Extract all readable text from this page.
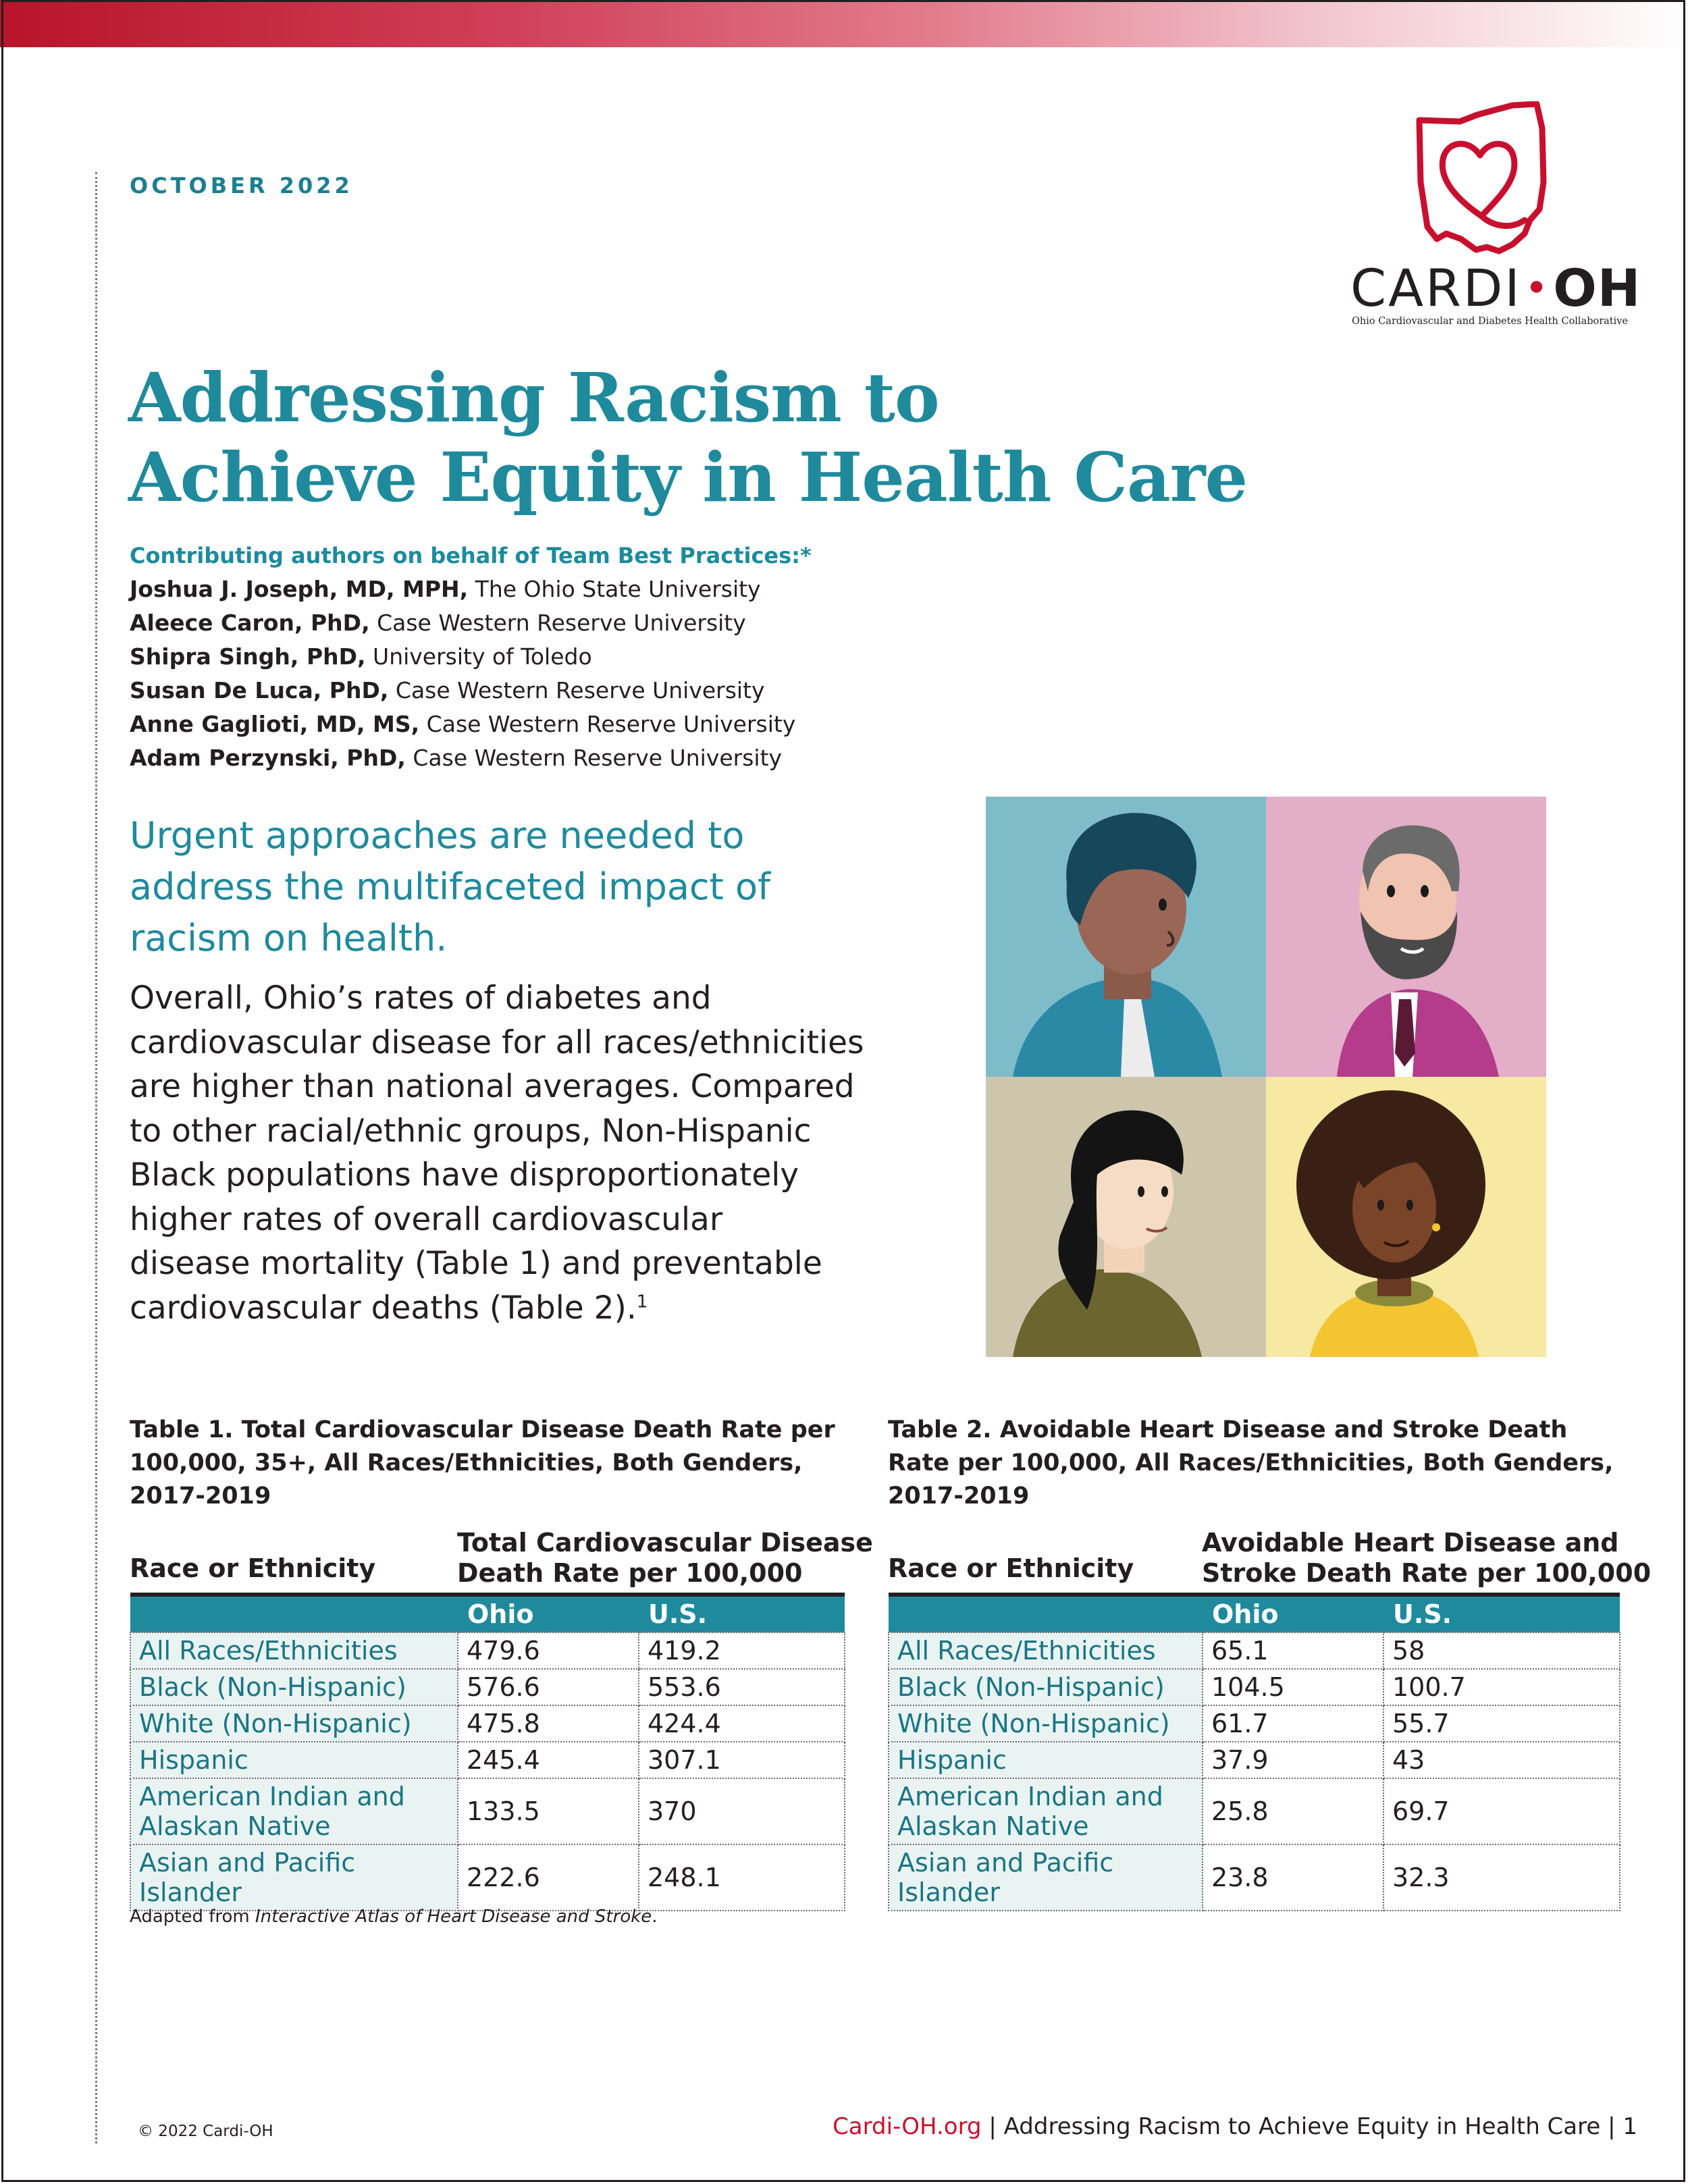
OCTOBER 2022
CARDI•OH
Ohio Cardiovascular and Diabetes Health Collaborative
Addressing Racism to
Achieve Equity in Health Care
Contributing authors on behalf of Team Best Practices:*
Joshua J. Joseph, MD, MPH, The Ohio State University
Aleece Caron, PhD, Case Western Reserve University
Shipra Singh, PhD, University of Toledo
Susan De Luca, PhD, Case Western Reserve University
Anne Gaglioti, MD, MS, Case Western Reserve University
Adam Perzynski, PhD, Case Western Reserve University
Urgent approaches are needed to
address the multifaceted impact of
racism on health.
Overall, Ohio’s rates of diabetes and
cardiovascular disease for all races/ethnicities
are higher than national averages. Compared
to other racial/ethnic groups, Non-Hispanic
Black populations have disproportionately
higher rates of overall cardiovascular
disease mortality (Table 1) and preventable
cardiovascular deaths (Table 2).$^1$
Table 1. Total Cardiovascular Disease Death Rate per
100,000, 35+, All Races/Ethnicities, Both Genders,
2017-2019
Race or Ethnicity
Total Cardiovascular Disease
Death Rate per 100,000
	Ohio	U.S.
All Races/Ethnicities	479.6	419.2
Black (Non-Hispanic)	576.6	553.6
White (Non-Hispanic)	475.8	424.4
Hispanic	245.4	307.1

American Indian and
Alaskan Native	133.5	370

Asian and Pacific
Islander	222.6	248.1
Table 2. Avoidable Heart Disease and Stroke Death
Rate per 100,000, All Races/Ethnicities, Both Genders,
2017-2019
Race or Ethnicity
Avoidable Heart Disease and
Stroke Death Rate per 100,000
	Ohio	U.S.
All Races/Ethnicities	65.1	58
Black (Non-Hispanic)	104.5	100.7
White (Non-Hispanic)	61.7	55.7
Hispanic	37.9	43

American Indian and
Alaskan Native	25.8	69.7

Asian and Pacific
Islander	23.8	32.3
Adapted from Interactive Atlas of Heart Disease and Stroke.
© 2022 Cardi-OH	Cardi-OH.org | Addressing Racism to Achieve Equity in Health Care | 1
